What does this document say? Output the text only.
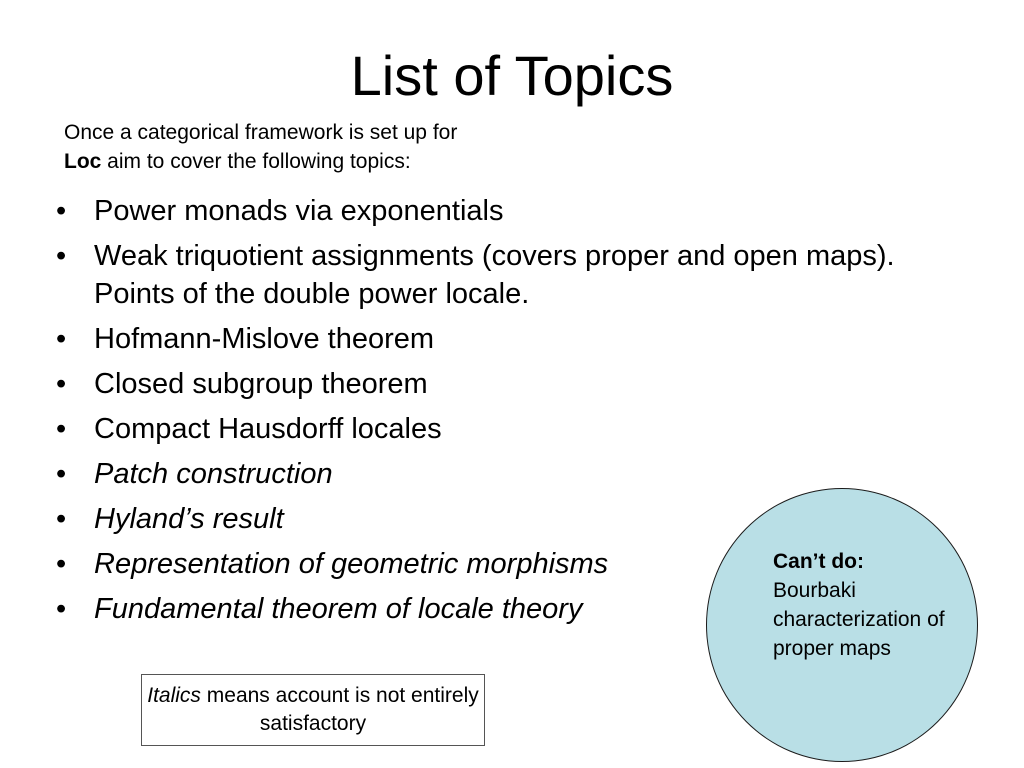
List of Topics
Once a categorical framework is set up for
Loc aim to cover the following topics:
• Power monads via exponentials
• Weak triquotient assignments (covers proper and open maps). Points of the double power locale.
• Hofmann-Mislove theorem
• Closed subgroup theorem
• Compact Hausdorff locales
• Patch construction
• Hyland’s result
• Representation of geometric morphisms
• Fundamental theorem of locale theory
Italics means account is not entirely satisfactory
Can’t do:
Bourbaki characterization of proper maps
